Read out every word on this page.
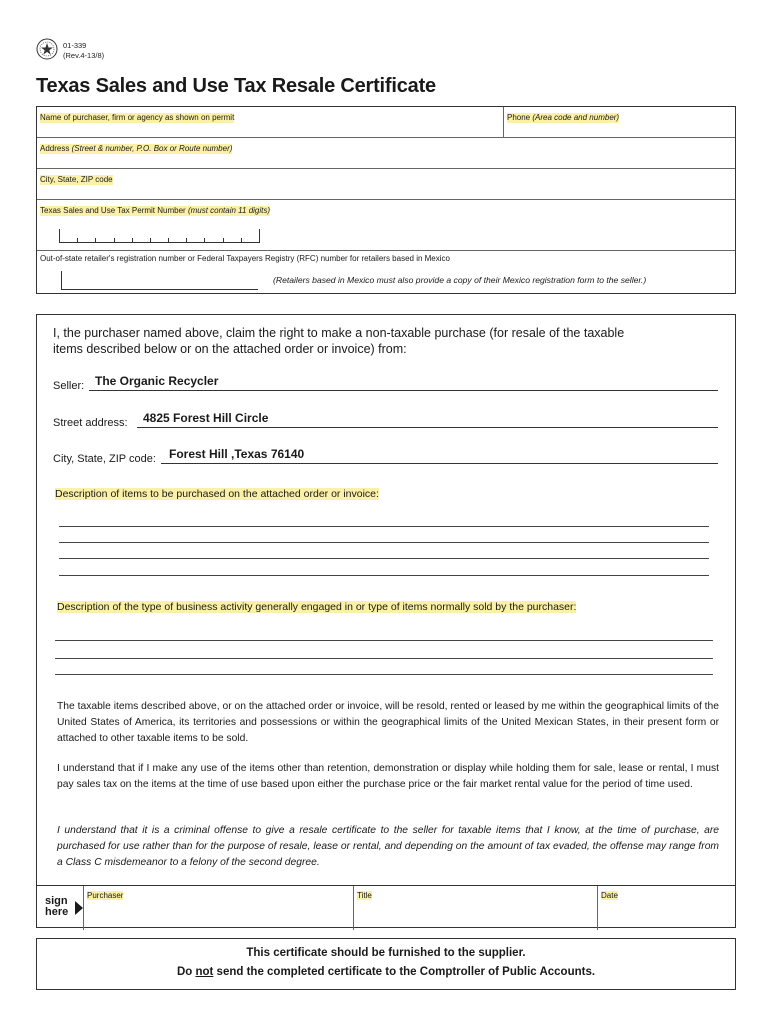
01-339
(Rev.4-13/8)
Texas Sales and Use Tax Resale Certificate
Name of purchaser, firm or agency as shown on permit	Phone (Area code and number)
Address (Street & number, P.O. Box or Route number)
City, State, ZIP code
Texas Sales and Use Tax Permit Number (must contain 11 digits)
Out-of-state retailer's registration number or Federal Taxpayers Registry (RFC) number for retailers based in Mexico
(Retailers based in Mexico must also provide a copy of their Mexico registration form to the seller.)
I, the purchaser named above, claim the right to make a non-taxable purchase (for resale of the taxable items described below or on the attached order or invoice) from:
Seller: The Organic Recycler
Street address: 4825 Forest Hill Circle
City, State, ZIP code: Forest Hill ,Texas 76140
Description of items to be purchased on the attached order or invoice:
Description of the type of business activity generally engaged in or type of items normally sold by the purchaser:
The taxable items described above, or on the attached order or invoice, will be resold, rented or leased by me within the geographical limits of the United States of America, its territories and possessions or within the geographical limits of the United Mexican States, in their present form or attached to other taxable items to be sold.
I understand that if I make any use of the items other than retention, demonstration or display while holding them for sale, lease or rental, I must pay sales tax on the items at the time of use based upon either the purchase price or the fair market rental value for the period of time used.
I understand that it is a criminal offense to give a resale certificate to the seller for taxable items that I know, at the time of purchase, are purchased for use rather than for the purpose of resale, lease or rental, and depending on the amount of tax evaded, the offense may range from a Class C misdemeanor to a felony of the second degree.
sign
here
Purchaser	Title	Date
This certificate should be furnished to the supplier.
Do not send the completed certificate to the Comptroller of Public Accounts.
